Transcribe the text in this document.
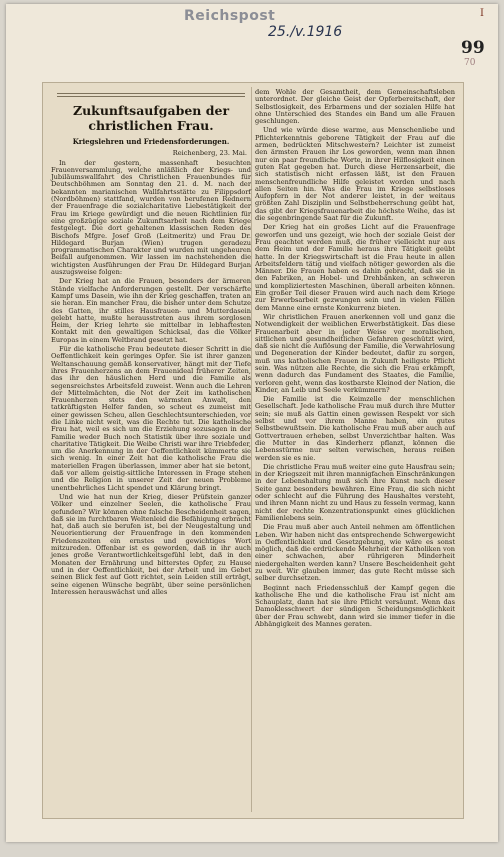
Reichspost
25./v.1916
I
99
70
Zukunftsaufgaben der christlichen Frau.
Kriegslehren und Friedensforderungen.
Reichenberg, 23. Mai.

In der gestern, massenhaft besuchten Frauenversammlung, welche anläßlich der Kriegs- und Jubiläumswallfahrt des Christlichen Frauenbundes für Deutschböhmen am Sonntag den 21. d. M. nach der bekannten marianischen Wallfahrtsstätte zu Filippsdorf (Nordböhmen) stattfand, wurden von berufenen Rednern der Frauenfrage die sozialcharitative Liebestätigkeit der Frau im Kriege gewürdigt und die neuen Richtlinien für eine großzügige soziale Zukunftsarbeit nach dem Kriege festgelegt. Die dort gehaltenen klassischen Reden des Bischofs Mfgre. Josef Groß (Leitmeritz) und Frau Dr. Hildegard Burjan (Wien) trugen geradezu programmatischen Charakter und wurden mit ungeheuren Beifall aufgenommen. Wir lassen im nachstehenden die wichtigsten Ausführungen der Frau Dr. Hildegard Burjan auszugsweise folgen:

Der Krieg hat an die Frauen, besonders der ärmeren Stände vielfache Anforderungen gestellt. Der verschärfte Kampf ums Dasein, wie ihn der Krieg geschaffen, traten an sie heran. Ein mancher Frau, die bisher unter dem Schutze des Gatten, ihr stilles Hausfrauen- und Mutterdasein gelebt hatte, mußte herausstreten aus ihrem sorglosen Heim, der Krieg lehrte sie mittelbar in lebhaftesten Kontakt mit den gewaltigen Schicksal, das die Völker Europas in einem Weltbrand gesetzt hat.

Für die katholische Frau bedeutete dieser Schritt in die Oeffentlichkeit kein geringes Opfer. Sie ist ihrer ganzen Weltanschauung gemäß konservativer, hängt mit der Tiefe ihres Frauenherzens an dem Frauenideal früherer Zeiten, das ihr den häuslichen Herd und die Familie als segensreichstes Arbeitsfeld zuweist. Wenn auch die Lehren der Mittelmächten, die Not der Zeit im katholischen Frauenherzen stets den wärmsten Anwalt, den tatkräftigsten Helfer fanden, so scheut es zumeist mit einer gewissen Scheu, allen Geschlechtsunterschieden, vor die Linke nicht weit, was die Rechte tut. Die katholische Frau hat, weil es sich um die Erziehung sozusagen in der Familie weder Buch noch Statistik über ihre soziale und charitative Tätigkeit. Die Weibe Christi war ihre Triebfeder, um die Anerkennung in der Oeffentlichkeit kümmerte sie sich wenig. In einer Zeit hat die katholische Frau die materiellen Fragen überlassen, immer aber hat sie betont, daß vor allem geistig-sittliche Interessen in Frage stehen und die Religion in unserer Zeit der neuen Probleme unentbehrliches Licht spendet und Klärung bringt.

Und wie hat nun der Krieg, dieser Prüfstein ganzer Völker und einzelner Seelen, die katholische Frau gefunden? Wir können ohne falsche Bescheidenheit sagen, daß sie im furchtbaren Weltenleid die Befähigung erbracht hat, daß auch sie berufen ist, bei der Neugestaltung und Neuorientierung der Frauenfrage in den kommenden Friedenszeiten ein ernstes und gewichtiges Wort mitzureden. Offenbar ist es geworden, daß in ihr auch jenes große Verantwortlichkeitsgefühl lebt, daß in den Monaten der Ernährung und bitterstes Opfer, zu Hause und in der Oeffentlichkeit, bei der Arbeit und im Gebet seinen Blick fest auf Gott richtet, sein Leiden still erträgt, seine eigenen Wünsche begräbt, über seine persönlichen Interessen herauswächst und alles

dem Wohle der Gesamtheit, dem Gemeinschaftsleben unterordnet. Der gleiche Geist der Opferbereitschaft, der Selbstlosigkeit, des Erbarmens und der sozialen Hilfe hat ohne Unterschied des Standes ein Band um alle Frauen geschlungen.

Und wie würde diese warme, aus Menschenliebe und Pflichterkenntnis geborene Tätigkeit der Frau auf die armen, bedrückten Mitschwestern? Leichter ist zumeist den ärmsten Frauen ihr Los geworden, wenn man ihnen nur ein paar freundliche Worte, in ihrer Hilflosigkeit einen guten Rat gegeben hat. Durch diese Herzensarbeit, die sich statistisch nicht erfassen läßt, ist den Frauen menschenfreundliche Hilfe geleistet worden und nach allen Seiten hin. Was die Frau im Kriege selbstloses Aufopfern in der Not anderer leistet, in der weitaus größten Zahl Disziplin und Selbstbeherrschung geübt hat, das gibt der Kriegsfrauenarbeit die höchste Weihe, das ist die segenbringende Saat für die Zukunft.

Der Krieg hat ein großes Licht auf die Frauenfrage geworfen und uns gezeigt, wie hoch der soziale Geist der Frau geachtet werden muß, die früher vielleicht nur aus dem Heim und der Familie heraus ihre Tätigkeit geübt hatte. In der Kriegswirtschaft ist die Frau heute in allen Arbeitsfeldern tätig und vielfach nötiger geworden als die Männer. Die Frauen haben es dahin gebracht, daß sie in den Fabriken, an Hobel- und Drehbänken, an schweren und kompliziertesten Maschinen, überall arbeiten können. Ein großer Teil dieser Frauen wird auch nach dem Kriege zur Erwerbsarbeit gezwungen sein und in vielen Fällen dem Manne eine ernste Konkurrenz bieten.

Wir christlichen Frauen anerkennen voll und ganz die Notwendigkeit der weiblichen Erwerbstätigkeit. Das diese Frauenarbeit aber in jeder Weise vor moralischen, sittlichen und gesundheitlichen Gefahren geschützt wird, daß sie nicht die Auflösung der Familie, die Verwahrlosung und Degeneration der Kinder bedeutet, dafür zu sorgen, muß uns katholischen Frauen in Zukunft heiligste Pflicht sein. Was nützen alle Rechte, die sich die Frau erkämpft, wenn dadurch das Fundament des Staates, die Familie, verloren geht, wenn das kostbarste Kleinod der Nation, die Kinder, an Leib und Seele verkümmern?

Die Familie ist die Keimzelle der menschlichen Gesellschaft. Jede katholische Frau muß durch ihre Mutter sein; sie muß als Gattin einen gewissen Respekt vor sich selbst und vor ihrem Manne haben, ein gutes Selbstbewußtsein. Die katholische Frau muß aber auch auf Gottvertrauen erheben, selbst Unverzichtbar halten. Was die Mutter in das Kinderherz pflanzt, können die Lebensstürme nur selten verwischen, heraus reißen werden sie es nie.

Die christliche Frau muß weiter eine gute Hausfrau sein; in der Kriegszeit mit ihren mannigfachen Einschränkungen in der Lebenshaltung muß sich ihre Kunst nach dieser Seite ganz besonders bewähren. Eine Frau, die sich nicht oder schlecht auf die Führung des Haushaltes versteht, und ihren Mann nicht zu und Haus zu fesseln vermag, kann nicht der rechte Konzentrationspunkt eines glücklichen Familienlebens sein.

Die Frau muß aber auch Anteil nehmen am öffentlichen Leben. Wir haben nicht das entsprechende Schwergewicht in Oeffentlichkeit und Gesetzgebung, wie wäre es sonst möglich, daß die erdrückende Mehrheit der Katholiken von einer schwachen, aber rührigeren Minderheit niedergehalten werden kann? Unsere Bescheidenheit geht zu weit. Wir glauben immer, das gute Recht müsse sich selber durchsetzen.

Beginnt nach Friedensschluß der Kampf gegen die katholische Ehe und die katholische Frau ist nicht am Schauplatz, dann hat sie ihre Pflicht versäumt. Wenn das Damoklesschwert der sündigen Scheidungsmöglichkeit über der Frau schwebt, dann wird sie immer tiefer in die Abhängigkeit des Mannes geraten.
